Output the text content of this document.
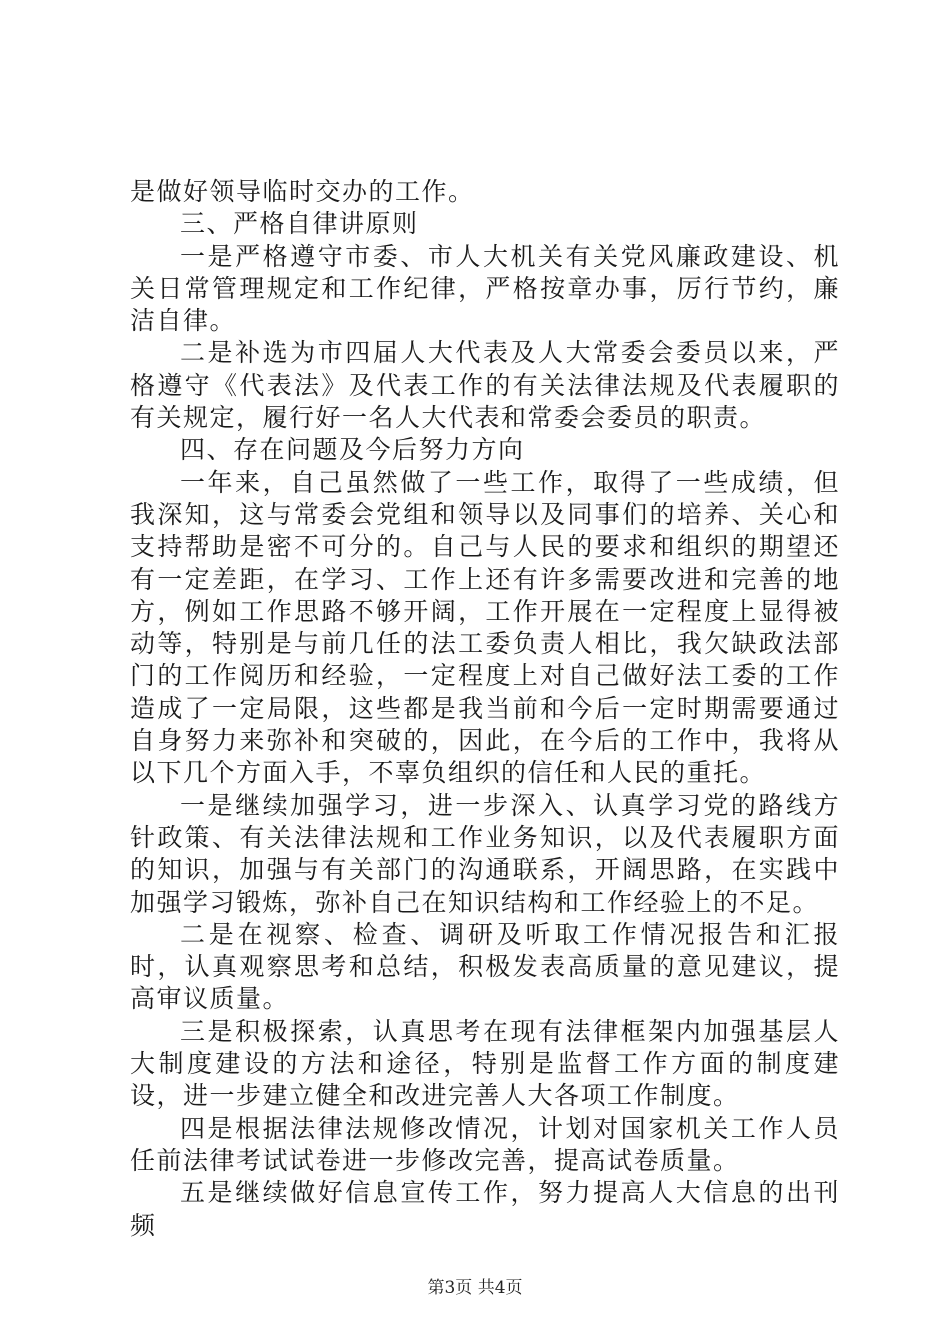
是做好领导临时交办的工作。

三、严格自律讲原则

一是严格遵守市委、市人大机关有关党风廉政建设、机关日常管理规定和工作纪律，严格按章办事，厉行节约，廉洁自律。

二是补选为市四届人大代表及人大常委会委员以来，严格遵守《代表法》及代表工作的有关法律法规及代表履职的有关规定，履行好一名人大代表和常委会委员的职责。

四、存在问题及今后努力方向

一年来，自己虽然做了一些工作，取得了一些成绩，但我深知，这与常委会党组和领导以及同事们的培养、关心和支持帮助是密不可分的。自己与人民的要求和组织的期望还有一定差距，在学习、工作上还有许多需要改进和完善的地方，例如工作思路不够开阔，工作开展在一定程度上显得被动等，特别是与前几任的法工委负责人相比，我欠缺政法部门的工作阅历和经验，一定程度上对自己做好法工委的工作造成了一定局限，这些都是我当前和今后一定时期需要通过自身努力来弥补和突破的，因此，在今后的工作中，我将从以下几个方面入手，不辜负组织的信任和人民的重托。

一是继续加强学习，进一步深入、认真学习党的路线方针政策、有关法律法规和工作业务知识，以及代表履职方面的知识，加强与有关部门的沟通联系，开阔思路，在实践中加强学习锻炼，弥补自己在知识结构和工作经验上的不足。

二是在视察、检查、调研及听取工作情况报告和汇报时，认真观察思考和总结，积极发表高质量的意见建议，提高审议质量。

三是积极探索，认真思考在现有法律框架内加强基层人大制度建设的方法和途径，特别是监督工作方面的制度建设，进一步建立健全和改进完善人大各项工作制度。

四是根据法律法规修改情况，计划对国家机关工作人员任前法律考试试卷进一步修改完善，提高试卷质量。

五是继续做好信息宣传工作，努力提高人大信息的出刊频

第3页 共4页
